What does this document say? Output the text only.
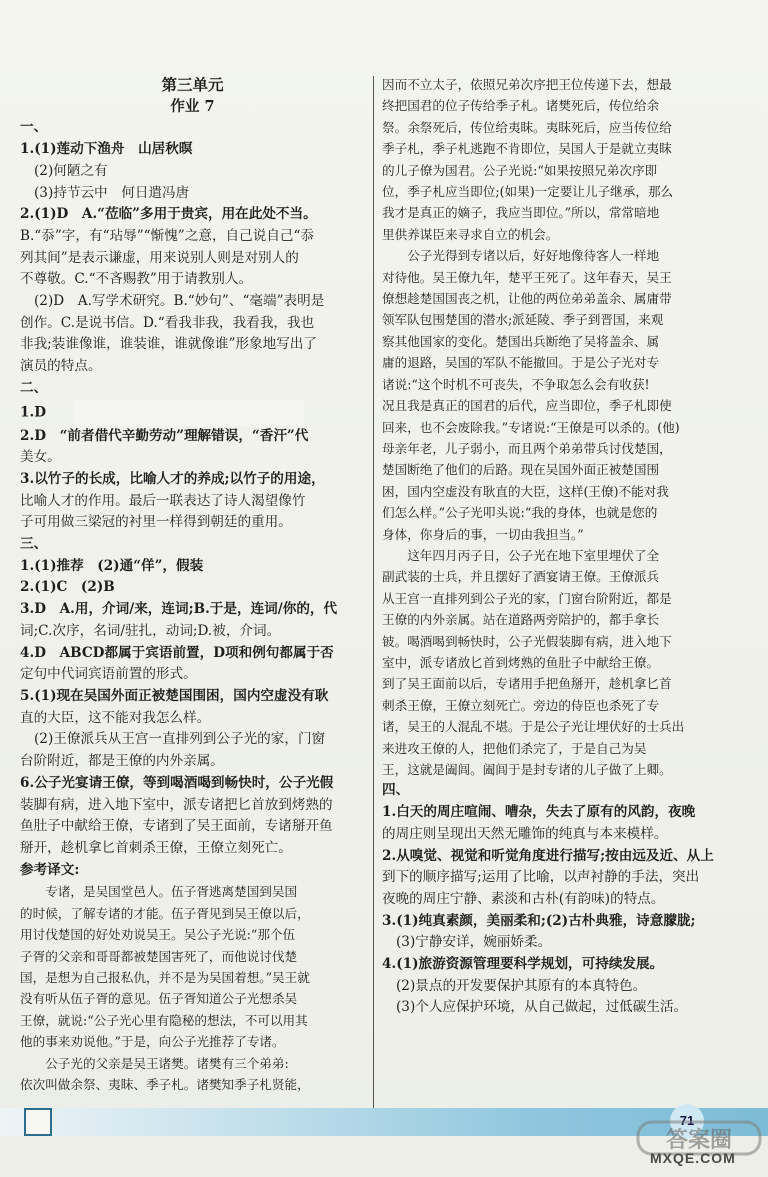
第三单元

作业 7

一、

1.(1)莲动下渔舟　山居秋暝

(2)何陋之有

(3)持节云中　何日遣冯唐

2.(1)D　A.“莅临”多用于贵宾，用在此处不当。

B.“忝”字，有“玷辱”“惭愧”之意，自己说自己“忝

列其间”是表示谦虚，用来说别人则是对别人的

不尊敬。C.“不吝赐教”用于请教别人。

(2)D　A.写学术研究。B.“妙句”、“毫端”表明是

创作。C.是说书信。D.“看我非我，我看我，我也

非我;装谁像谁，谁装谁，谁就像谁”形象地写出了

演员的特点。

二、

1.D

2.D　“前者借代辛勤劳动”理解错误，“香汗”代

美女。

3.以竹子的长成，比喻人才的养成;以竹子的用途，

比喻人才的作用。最后一联表达了诗人渴望像竹

子可用做三梁冠的衬里一样得到朝廷的重用。

三、

1.(1)推荐　(2)通“佯”，假装

2.(1)C　(2)B

3.D　A.用，介词/来，连词;B.于是，连词/你的，代

词;C.次序，名词/驻扎，动词;D.被，介词。

4.D　ABCD都属于宾语前置，D项和例句都属于否

定句中代词宾语前置的形式。

5.(1)现在吴国外面正被楚国围困，国内空虚没有耿

直的大臣，这不能对我怎么样。

(2)王僚派兵从王宫一直排列到公子光的家，门窗

台阶附近，都是王僚的内外亲属。

6.公子光宴请王僚，等到喝酒喝到畅快时，公子光假

装脚有病，进入地下室中，派专诸把匕首放到烤熟的

鱼肚子中献给王僚，专诸到了吴王面前，专诸掰开鱼

掰开，趁机拿匕首刺杀王僚，王僚立刻死亡。

参考译文:

专诸，是吴国堂邑人。伍子胥逃离楚国到吴国

的时候，了解专诸的才能。伍子胥见到吴王僚以后，

用讨伐楚国的好处劝说吴王。吴公子光说:“那个伍

子胥的父亲和哥哥都被楚国害死了，而他说讨伐楚

国，是想为自己报私仇，并不是为吴国着想。”吴王就

没有听从伍子胥的意见。伍子胥知道公子光想杀吴

王僚，就说:“公子光心里有隐秘的想法，不可以用其

他的事来劝说他。”于是，向公子光推荐了专诸。

公子光的父亲是吴王诸樊。诸樊有三个弟弟:

依次叫做余祭、夷眜、季子札。诸樊知季子札贤能，

因而不立太子，依照兄弟次序把王位传递下去，想最

终把国君的位子传给季子札。诸樊死后，传位给余

祭。余祭死后，传位给夷眜。夷眜死后，应当传位给

季子札，季子札逃跑不肯即位，吴国人于是就立夷眜

的儿子僚为国君。公子光说:“如果按照兄弟次序即

位，季子札应当即位;(如果)一定要让儿子继承，那么

我才是真正的嫡子，我应当即位。”所以，常常暗地

里供养谋臣来寻求自立的机会。

公子光得到专诸以后，好好地像待客人一样地

对待他。吴王僚九年，楚平王死了。这年春天，吴王

僚想趁楚国国丧之机，让他的两位弟弟盖余、属庸带

领军队包围楚国的潜水;派延陵、季子到晋国，来观

察其他国家的变化。楚国出兵断绝了吴将盖余、属

庸的退路，吴国的军队不能撤回。于是公子光对专

诸说:“这个时机不可丧失，不争取怎么会有收获!

况且我是真正的国君的后代，应当即位，季子札即使

回来，也不会废除我。”专诸说:“王僚是可以杀的。(他)

母亲年老，儿子弱小，而且两个弟弟带兵讨伐楚国，

楚国断绝了他们的后路。现在吴国外面正被楚国围

困，国内空虚没有耿直的大臣，这样(王僚)不能对我

们怎么样。”公子光叩头说:“我的身体，也就是您的

身体，你身后的事，一切由我担当。”

这年四月丙子日，公子光在地下室里埋伏了全

副武装的士兵，并且摆好了酒宴请王僚。王僚派兵

从王宫一直排列到公子光的家，门窗台阶附近，都是

王僚的内外亲属。站在道路两旁陪护的，都手拿长

铍。喝酒喝到畅快时，公子光假装脚有病，进入地下

室中，派专诸放匕首到烤熟的鱼肚子中献给王僚。

到了吴王面前以后，专诸用手把鱼掰开，趁机拿匕首

刺杀王僚，王僚立刻死亡。旁边的侍臣也杀死了专

诸，吴王的人混乱不堪。于是公子光让埋伏好的士兵出

来进攻王僚的人，把他们杀完了，于是自己为吴

王，这就是阖闾。阖闾于是封专诸的儿子做了上卿。

四、

1.白天的周庄喧闹、嘈杂，失去了原有的风韵，夜晚

的周庄则呈现出天然无雕饰的纯真与本来模样。

2.从嗅觉、视觉和听觉角度进行描写;按由远及近、从上

到下的顺序描写;运用了比喻，以声衬静的手法，突出

夜晚的周庄宁静、素淡和古朴(有韵味)的特点。

3.(1)纯真素颜，美丽柔和;(2)古朴典雅，诗意朦胧;

(3)宁静安详，婉丽娇柔。

4.(1)旅游资源管理要科学规划，可持续发展。

(2)景点的开发要保护其原有的本真特色。

(3)个人应保护环境，从自己做起，过低碳生活。

71
答案圈
MXQE.COM
